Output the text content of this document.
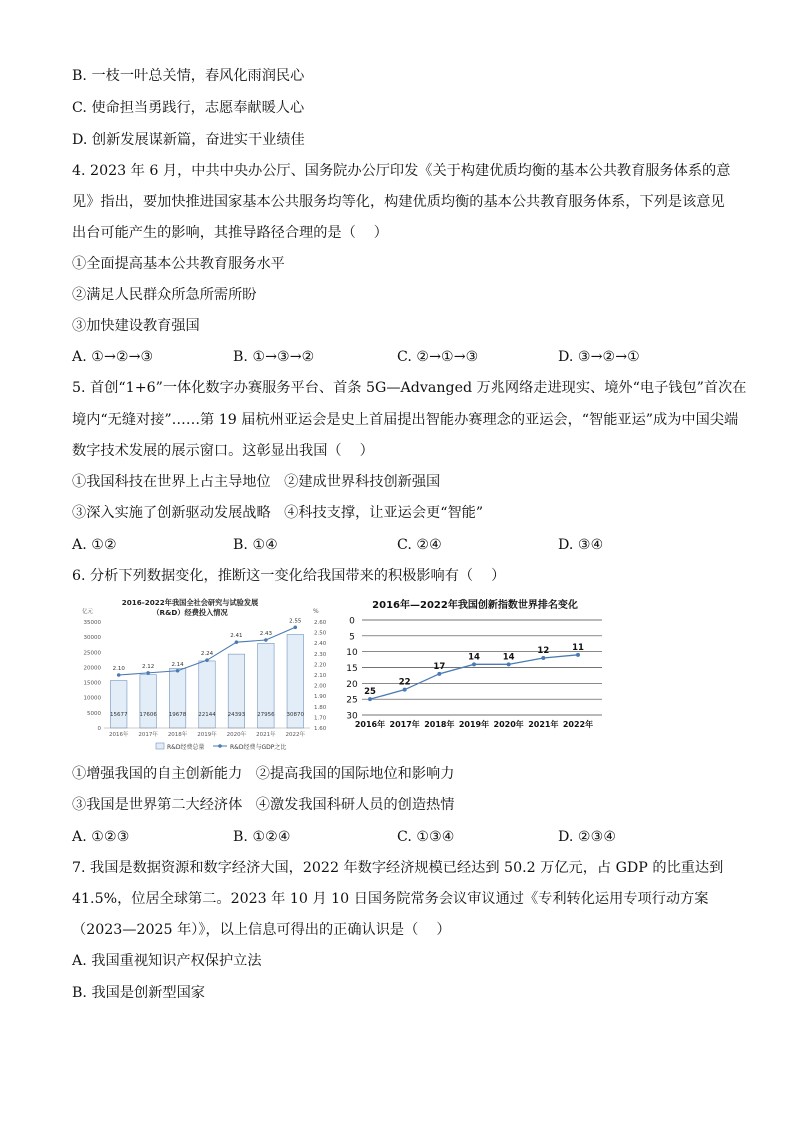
B. 一枝一叶总关情，春风化雨润民心
C. 使命担当勇践行，志愿奉献暖人心
D. 创新发展谋新篇，奋进实干业绩佳
4. 2023 年 6 月，中共中央办公厅、国务院办公厅印发《关于构建优质均衡的基本公共教育服务体系的意
见》指出，要加快推进国家基本公共服务均等化，构建优质均衡的基本公共教育服务体系，下列是该意见
出台可能产生的影响，其推导路径合理的是（    ）
①全面提高基本公共教育服务水平
②满足人民群众所急所需所盼
③加快建设教育强国
A. ①→②→③	B. ①→③→②	C. ②→①→③	D. ③→②→①
5. 首创“1+6”一体化数字办赛服务平台、首条 5G—Advanged 万兆网络走进现实、境外“电子钱包”首次在
境内“无缝对接”……第 19 届杭州亚运会是史上首届提出智能办赛理念的亚运会，“智能亚运”成为中国尖端
数字技术发展的展示窗口。这彰显出我国（    ）
①我国科技在世界上占主导地位   ②建成世界科技创新强国
③深入实施了创新驱动发展战略   ④科技支撑，让亚运会更“智能”
A. ①②	B. ①④	C. ②④	D. ③④
6. 分析下列数据变化，推断这一变化给我国带来的积极影响有（    ）
2016-2022年我国全社会研究与试验发展
（R&D）经费投入情况
亿元	%
0
5000
10000
15000
20000
25000
30000
35000
1.60
1.70
1.80
1.90
2.00
2.10
2.20
2.30
2.40
2.50
2.60
15677 17606 19678 22144 24393 27956 30870
2.10	2.12	2.14
2.24
2.41	2.43
2.55
2016年 2017年 2018年 2019年 2020年 2021年 2022年
R&D经费总量	R&D经费与GDP之比
2016年—2022年我国创新指数世界排名变化
0
5
10
15
20
25
30
25
22
17
14	14
12	11
2016年 2017年 2018年 2019年 2020年 2021年 2022年
①增强我国的自主创新能力   ②提高我国的国际地位和影响力
③我国是世界第二大经济体   ④激发我国科研人员的创造热情
A. ①②③	B. ①②④	C. ①③④	D. ②③④
7. 我国是数据资源和数字经济大国，2022 年数字经济规模已经达到 50.2 万亿元，占 GDP 的比重达到
41.5%，位居全球第二。2023 年 10 月 10 日国务院常务会议审议通过《专利转化运用专项行动方案
（2023—2025 年）》，以上信息可得出的正确认识是（    ）
A. 我国重视知识产权保护立法
B. 我国是创新型国家
